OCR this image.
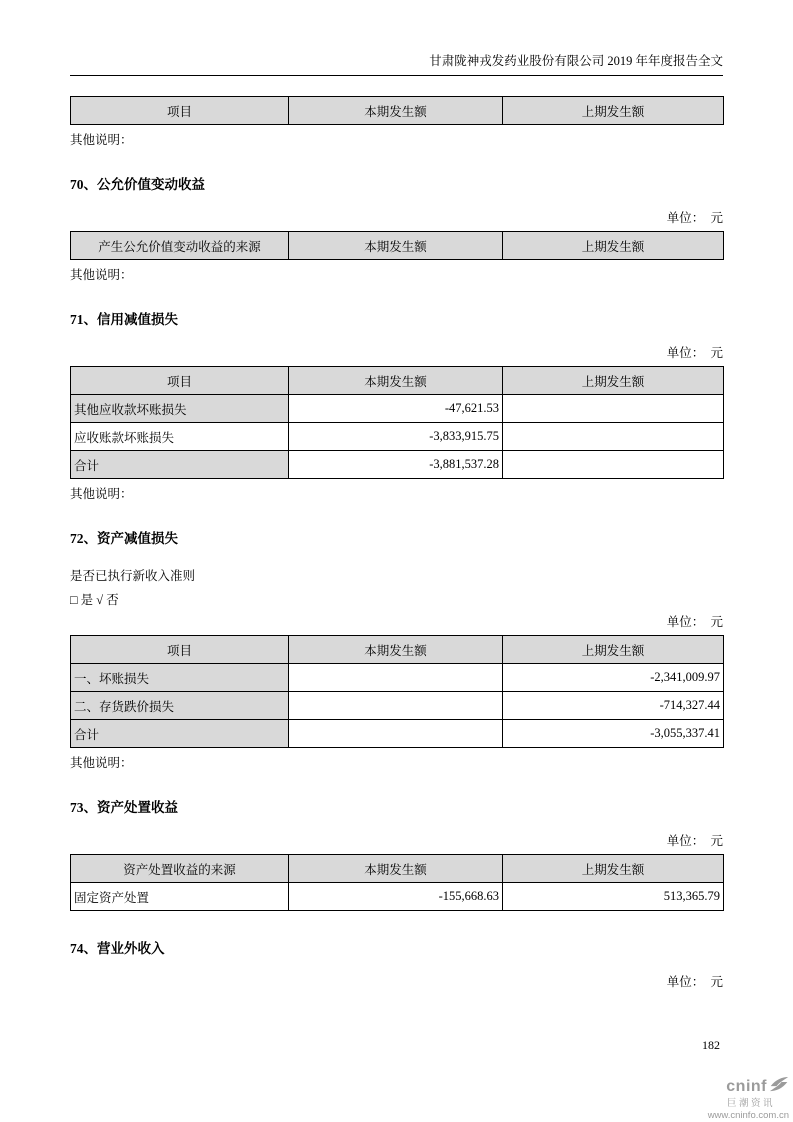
甘肃陇神戎发药业股份有限公司 2019 年年度报告全文
项目	本期发生额	上期发生额
其他说明：
70、公允价值变动收益
单位：　元
产生公允价值变动收益的来源	本期发生额	上期发生额
其他说明：
71、信用减值损失
单位：　元
项目	本期发生额	上期发生额
其他应收款坏账损失	-47,621.53	
应收账款坏账损失	-3,833,915.75	
合计	-3,881,537.28	
其他说明：
72、资产减值损失
是否已执行新收入准则
□ 是 √ 否
单位：　元
项目	本期发生额	上期发生额
一、坏账损失		-2,341,009.97
二、存货跌价损失		-714,327.44
合计		-3,055,337.41
其他说明：
73、资产处置收益
单位：　元
资产处置收益的来源	本期发生额	上期发生额
固定资产处置	-155,668.63	513,365.79
74、营业外收入
单位：　元
182
cninf
巨潮资讯
www.cninfo.com.cn
